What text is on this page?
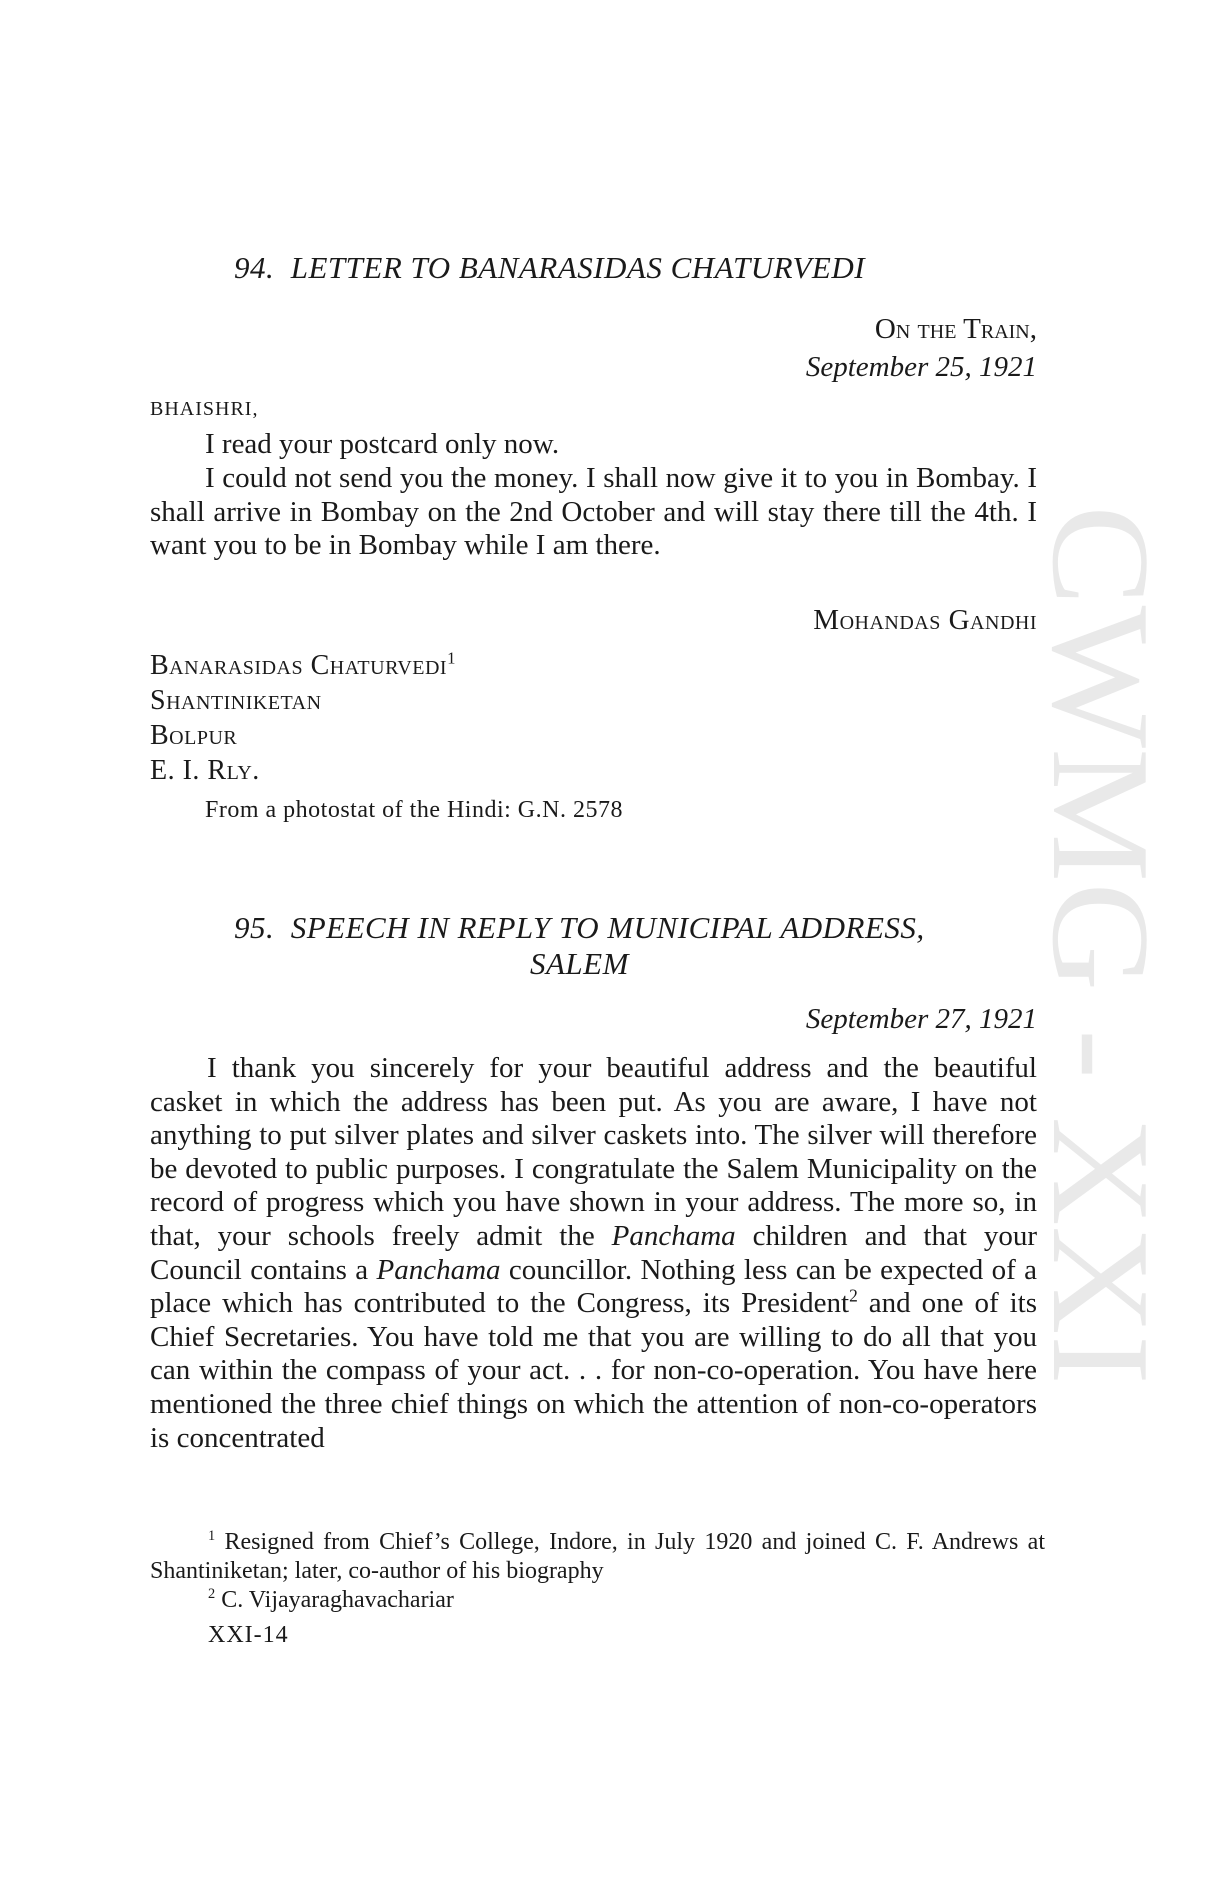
CWMG - XXI
94. LETTER TO BANARASIDAS CHATURVEDI
On the Train,
September 25, 1921
BHAISHRI,
I read your postcard only now.
I could not send you the money. I shall now give it to you in Bombay. I shall arrive in Bombay on the 2nd October and will stay there till the 4th. I want you to be in Bombay while I am there.
Mohandas Gandhi
Banarasidas Chaturvedi$^1$
Shantiniketan
Bolpur
E. I. Rly.
From a photostat of the Hindi: G.N. 2578
95. SPEECH IN REPLY TO MUNICIPAL ADDRESS,
SALEM
September 27, 1921
I thank you sincerely for your beautiful address and the beautiful casket in which the address has been put. As you are aware, I have not anything to put silver plates and silver caskets into. The silver will therefore be devoted to public purposes. I congratulate the Salem Municipality on the record of progress which you have shown in your address. The more so, in that, your schools freely admit the Panchama children and that your Council contains a Panchama councillor. Nothing less can be expected of a place which has contributed to the Congress, its President$^2$ and one of its Chief Secretaries. You have told me that you are willing to do all that you can within the compass of your act. . . for non-co-operation. You have here mentioned the three chief things on which the attention of non-co-operators is concentrated
$^1$ Resigned from Chief’s College, Indore, in July 1920 and joined C. F. Andrews at Shantiniketan; later, co-author of his biography
$^2$ C. Vijayaraghavachariar
XXI-14
